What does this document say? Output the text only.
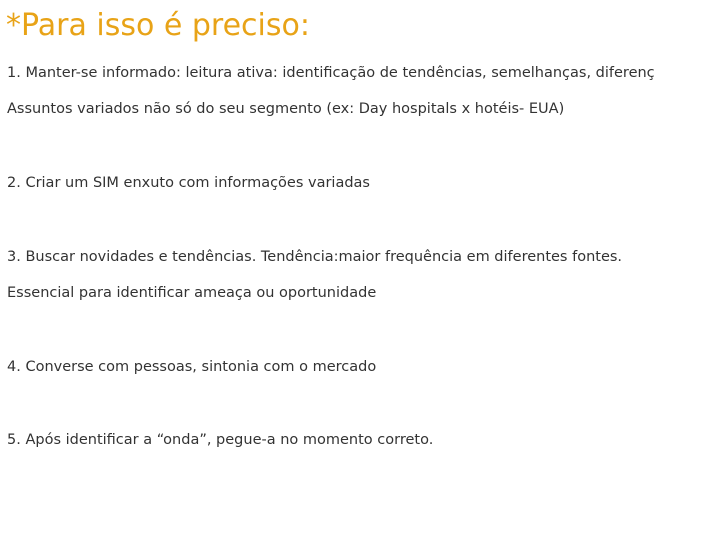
*Para isso é preciso:

1. Manter-se informado: leitura ativa: identificação de tendências, semelhanças, diferenç

Assuntos variados não só do seu segmento (ex: Day hospitals x hotéis- EUA)

2. Criar um SIM enxuto com informações variadas

3. Buscar novidades e tendências. Tendência:maior frequência em diferentes fontes.

Essencial para identificar ameaça ou oportunidade

4. Converse com pessoas, sintonia com o mercado

5. Após identificar a “onda”, pegue-a no momento correto.
